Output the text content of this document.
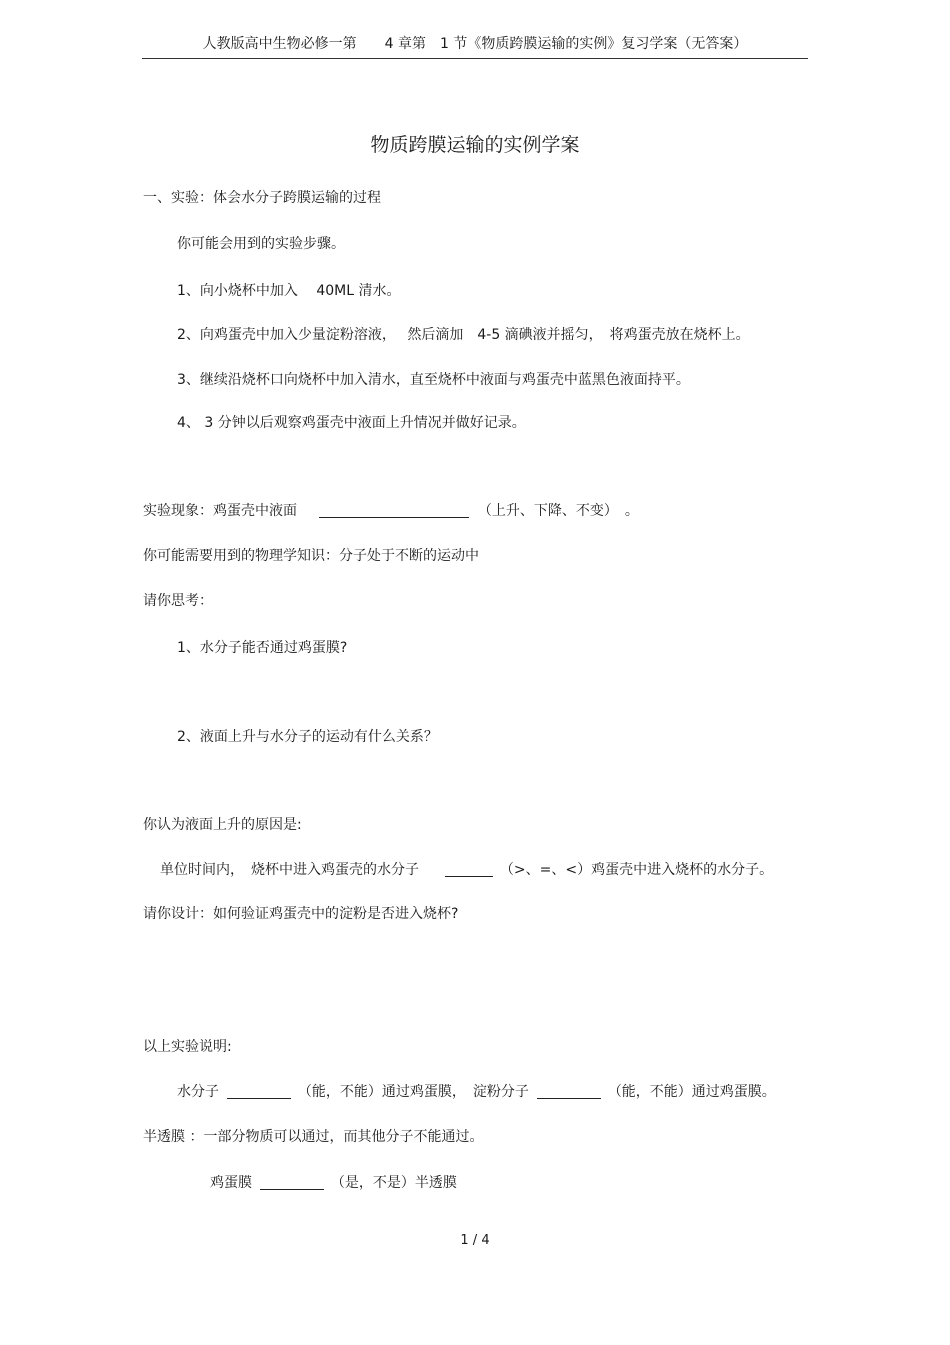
人教版高中生物必修一第　　4 章第　1 节《物质跨膜运输的实例》复习学案（无答案）
物质跨膜运输的实例学案
一、实验：体会水分子跨膜运输的过程
你可能会用到的实验步骤。
1、向小烧杯中加入　 40ML 清水。
2、向鸡蛋壳中加入少量淀粉溶液，　 然后滴加　4-5 滴碘液并摇匀，　将鸡蛋壳放在烧杯上。
3、继续沿烧杯口向烧杯中加入清水，直至烧杯中液面与鸡蛋壳中蓝黑色液面持平。
4、 3 分钟以后观察鸡蛋壳中液面上升情况并做好记录。
实验现象：鸡蛋壳中液面	（上升、下降、不变）　。
你可能需要用到的物理学知识：分子处于不断的运动中
请你思考：
1、水分子能否通过鸡蛋膜?
2、液面上升与水分子的运动有什么关系？
你认为液面上升的原因是:
单位时间内，　烧杯中进入鸡蛋壳的水分子	（>、=、<）鸡蛋壳中进入烧杯的水分子。
请你设计：如何验证鸡蛋壳中的淀粉是否进入烧杯?
以上实验说明:
水分子	（能，不能）通过鸡蛋膜，　淀粉分子	（能，不能）通过鸡蛋膜。
半透膜 ：一部分物质可以通过，而其他分子不能通过。
鸡蛋膜	（是，不是）半透膜
1 / 4
